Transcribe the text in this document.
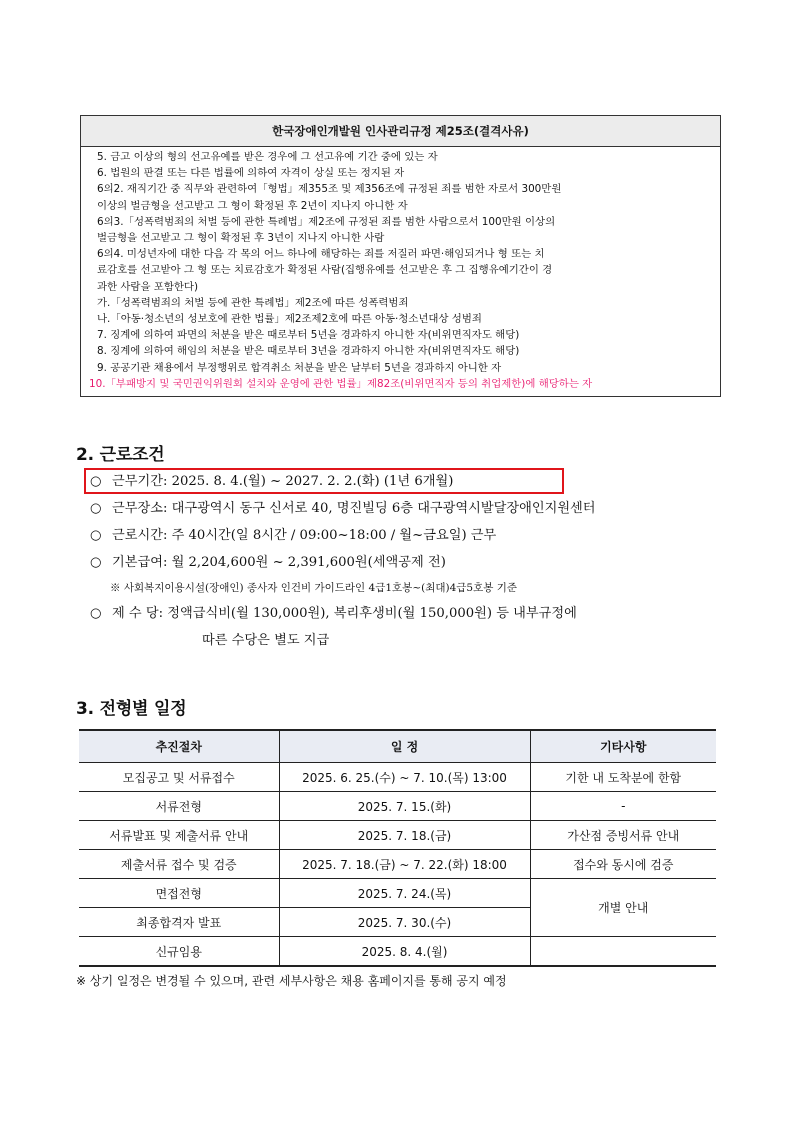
한국장애인개발원 인사관리규정 제25조(결격사유)
5. 금고 이상의 형의 선고유예를 받은 경우에 그 선고유예 기간 중에 있는 자
6. 법원의 판결 또는 다른 법률에 의하여 자격이 상실 또는 정지된 자
6의2. 재직기간 중 직무와 관련하여「형법」제355조 및 제356조에 규정된 죄를 범한 자로서 300만원
이상의 벌금형을 선고받고 그 형이 확정된 후 2년이 지나지 아니한 자
6의3.「성폭력범죄의 처벌 등에 관한 특례법」제2조에 규정된 죄를 범한 사람으로서 100만원 이상의
벌금형을 선고받고 그 형이 확정된 후 3년이 지나지 아니한 사람
6의4. 미성년자에 대한 다음 각 목의 어느 하나에 해당하는 죄를 저질러 파면·해임되거나 형 또는 치
료감호를 선고받아 그 형 또는 치료감호가 확정된 사람(집행유예를 선고받은 후 그 집행유예기간이 경
과한 사람을 포함한다)
가.「성폭력범죄의 처벌 등에 관한 특례법」제2조에 따른 성폭력범죄
나.「아동·청소년의 성보호에 관한 법률」제2조제2호에 따른 아동·청소년대상 성범죄
7. 징계에 의하여 파면의 처분을 받은 때로부터 5년을 경과하지 아니한 자(비위면직자도 해당)
8. 징계에 의하여 해임의 처분을 받은 때로부터 3년을 경과하지 아니한 자(비위면직자도 해당)
9. 공공기관 채용에서 부정행위로 합격취소 처분을 받은 날부터 5년을 경과하지 아니한 자
10.「부패방지 및 국민권익위원회 설치와 운영에 관한 법률」제82조(비위면직자 등의 취업제한)에 해당하는 자
2. 근로조건
○ 근무기간: 2025. 8. 4.(월) ~ 2027. 2. 2.(화) (1년 6개월)
○ 근무장소: 대구광역시 동구 신서로 40, 명진빌딩 6층 대구광역시발달장애인지원센터
○ 근로시간: 주 40시간(일 8시간 / 09:00~18:00 / 월~금요일) 근무
○ 기본급여: 월 2,204,600원 ~ 2,391,600원(세액공제 전)
※ 사회복지이용시설(장애인) 종사자 인건비 가이드라인 4급1호봉~(최대)4급5호봉 기준
○ 제 수 당: 정액급식비(월 130,000원), 복리후생비(월 150,000원) 등 내부규정에
따른 수당은 별도 지급
3. 전형별 일정
추진절차	일 정	기타사항
모집공고 및 서류접수	2025. 6. 25.(수) ~ 7. 10.(목) 13:00	기한 내 도착분에 한함
서류전형	2025. 7. 15.(화)	-
서류발표 및 제출서류 안내	2025. 7. 18.(금)	가산점 증빙서류 안내
제출서류 접수 및 검증	2025. 7. 18.(금) ~ 7. 22.(화) 18:00	접수와 동시에 검증
면접전형	2025. 7. 24.(목)	개별 안내
최종합격자 발표	2025. 7. 30.(수)	
신규임용	2025. 8. 4.(월)	
※ 상기 일정은 변경될 수 있으며, 관련 세부사항은 채용 홈페이지를 통해 공지 예정
